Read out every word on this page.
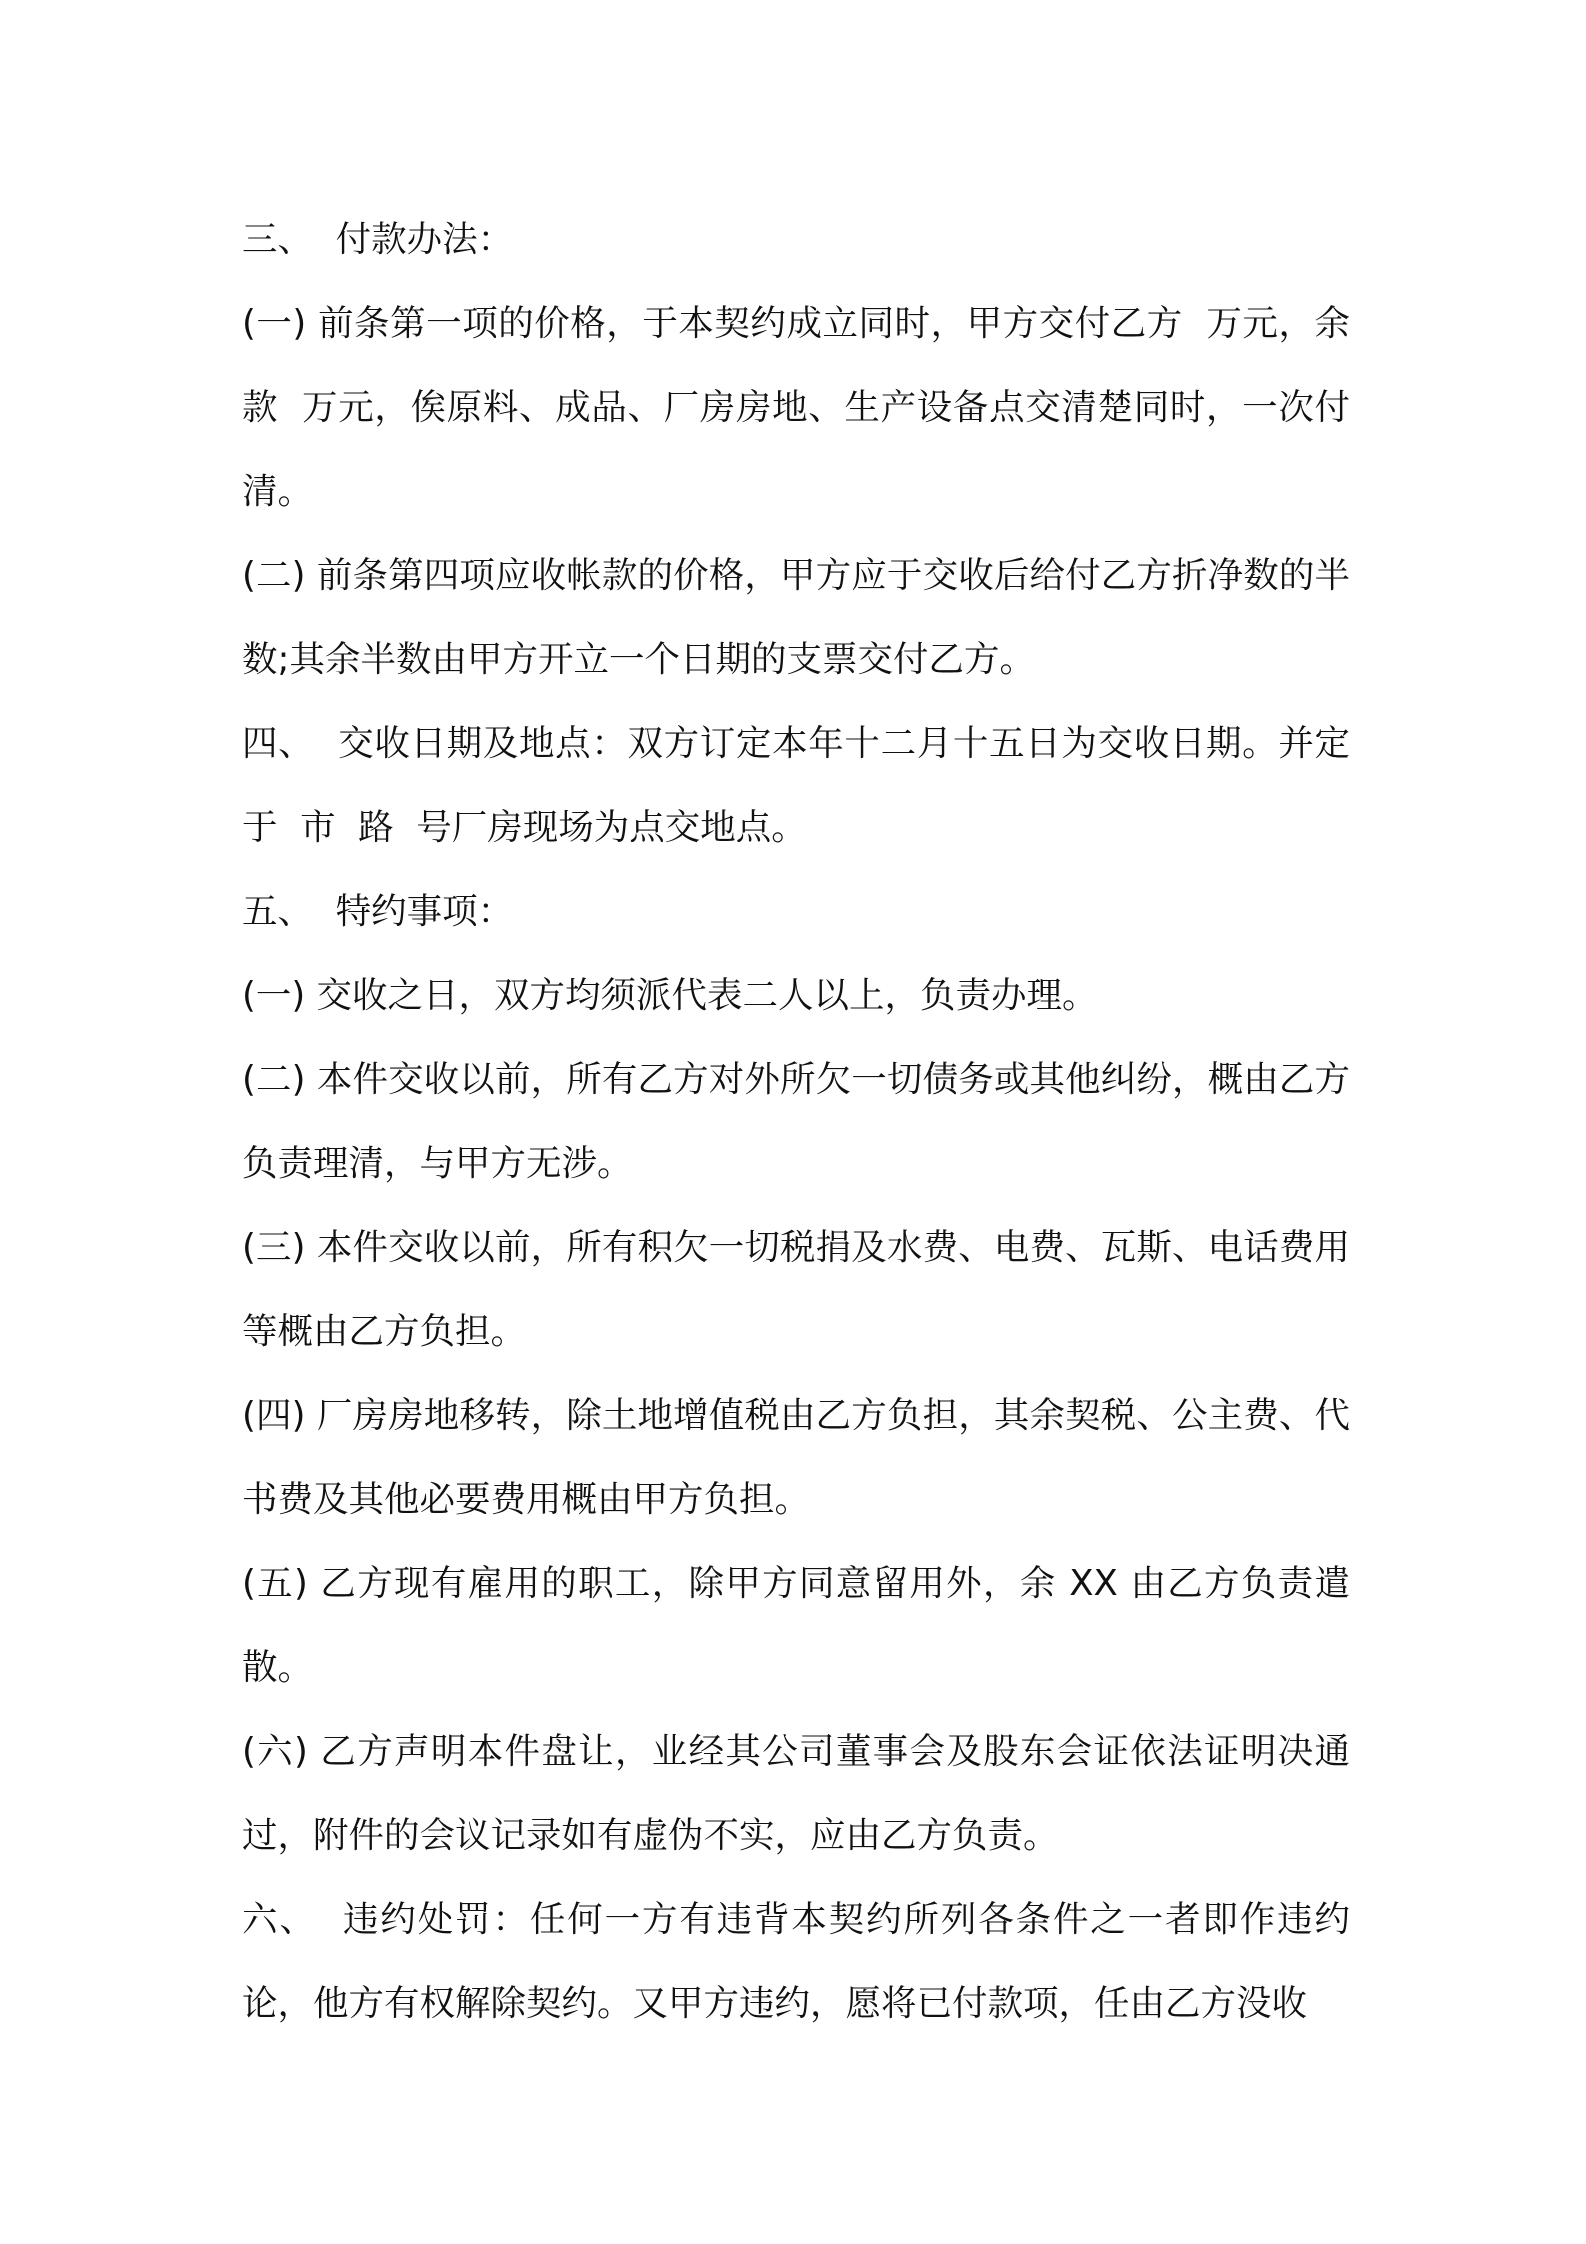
三、  付款办法：

(一) 前条第一项的价格，于本契约成立同时，甲方交付乙方  万元，余款  万元，俟原料、成品、厂房房地、生产设备点交清楚同时，一次付清。

(二) 前条第四项应收帐款的价格，甲方应于交收后给付乙方折净数的半数;其余半数由甲方开立一个日期的支票交付乙方。

四、  交收日期及地点：双方订定本年十二月十五日为交收日期。并定于  市  路  号厂房现场为点交地点。

五、  特约事项：

(一) 交收之日，双方均须派代表二人以上，负责办理。

(二) 本件交收以前，所有乙方对外所欠一切债务或其他纠纷，概由乙方负责理清，与甲方无涉。

(三) 本件交收以前，所有积欠一切税捐及水费、电费、瓦斯、电话费用等概由乙方负担。

(四) 厂房房地移转，除土地增值税由乙方负担，其余契税、公主费、代书费及其他必要费用概由甲方负担。

(五) 乙方现有雇用的职工，除甲方同意留用外，余 XX 由乙方负责遣散。

(六) 乙方声明本件盘让，业经其公司董事会及股东会证依法证明决通过，附件的会议记录如有虚伪不实，应由乙方负责。

六、  违约处罚：任何一方有违背本契约所列各条件之一者即作违约论，他方有权解除契约。又甲方违约，愿将已付款项，任由乙方没收
